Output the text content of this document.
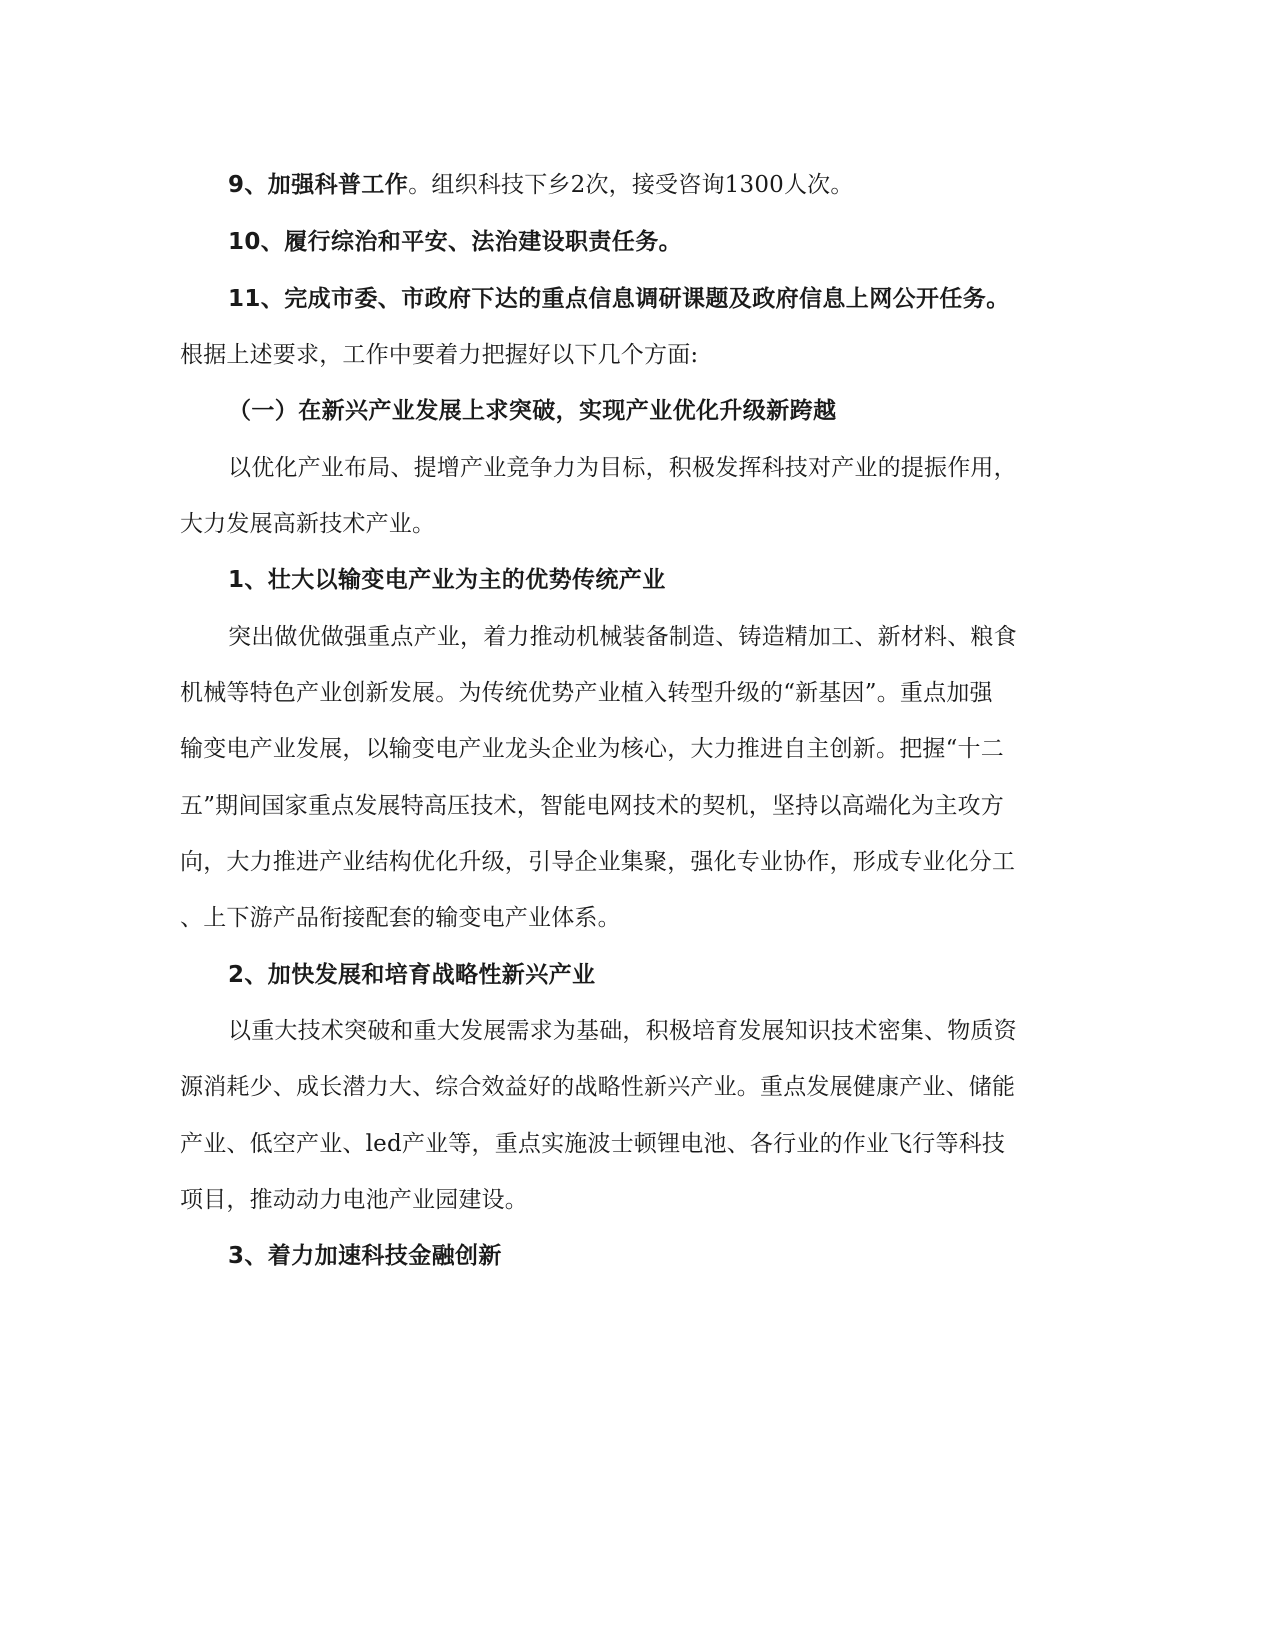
9、加强科普工作。组织科技下乡2次，接受咨询1300人次。
10、履行综治和平安、法治建设职责任务。
11、完成市委、市政府下达的重点信息调研课题及政府信息上网公开任务。
根据上述要求，工作中要着力把握好以下几个方面:
（一）在新兴产业发展上求突破，实现产业优化升级新跨越
以优化产业布局、提增产业竞争力为目标，积极发挥科技对产业的提振作用，
大力发展高新技术产业。
1、壮大以输变电产业为主的优势传统产业
突出做优做强重点产业，着力推动机械装备制造、铸造精加工、新材料、粮食
机械等特色产业创新发展。为传统优势产业植入转型升级的“新基因”。重点加强
输变电产业发展，以输变电产业龙头企业为核心，大力推进自主创新。把握“十二
五”期间国家重点发展特高压技术，智能电网技术的契机，坚持以高端化为主攻方
向，大力推进产业结构优化升级，引导企业集聚，强化专业协作，形成专业化分工
、上下游产品衔接配套的输变电产业体系。
2、加快发展和培育战略性新兴产业
以重大技术突破和重大发展需求为基础，积极培育发展知识技术密集、物质资
源消耗少、成长潜力大、综合效益好的战略性新兴产业。重点发展健康产业、储能
产业、低空产业、led产业等，重点实施波士顿锂电池、各行业的作业飞行等科技
项目，推动动力电池产业园建设。
3、着力加速科技金融创新
